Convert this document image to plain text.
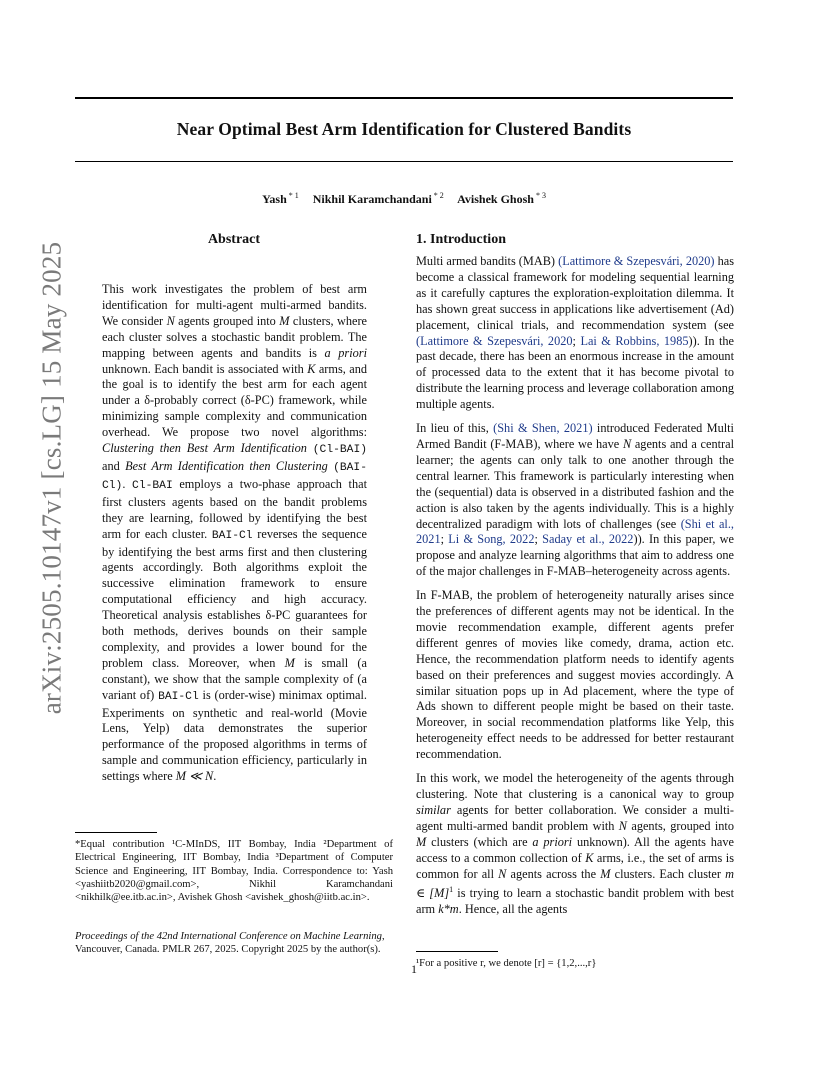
arXiv:2505.10147v1 [cs.LG] 15 May 2025
Near Optimal Best Arm Identification for Clustered Bandits
Yash $^{* 1}$ Nikhil Karamchandani $^{* 2}$ Avishek Ghosh $^{* 3}$
Abstract
This work investigates the problem of best arm identification for multi-agent multi-armed bandits. We consider N agents grouped into M clusters, where each cluster solves a stochastic bandit problem. The mapping between agents and bandits is a priori unknown. Each bandit is associated with K arms, and the goal is to identify the best arm for each agent under a δ-probably correct (δ-PC) framework, while minimizing sample complexity and communication overhead. We propose two novel algorithms: Clustering then Best Arm Identification (Cl-BAI) and Best Arm Identification then Clustering (BAI-Cl). Cl-BAI employs a two-phase approach that first clusters agents based on the bandit problems they are learning, followed by identifying the best arm for each cluster. BAI-Cl reverses the sequence by identifying the best arms first and then clustering agents accordingly. Both algorithms exploit the successive elimination framework to ensure computational efficiency and high accuracy. Theoretical analysis establishes δ-PC guarantees for both methods, derives bounds on their sample complexity, and provides a lower bound for the problem class. Moreover, when M is small (a constant), we show that the sample complexity of (a variant of) BAI-Cl is (order-wise) minimax optimal. Experiments on synthetic and real-world (Movie Lens, Yelp) data demonstrates the superior performance of the proposed algorithms in terms of sample and communication efficiency, particularly in settings where M ≪ N.
*Equal contribution ¹C-MInDS, IIT Bombay, India ²Department of Electrical Engineering, IIT Bombay, India ³Department of Computer Science and Engineering, IIT Bombay, India. Correspondence to: Yash <yashiitb2020@gmail.com>, Nikhil Karamchandani <nikhilk@ee.itb.ac.in>, Avishek Ghosh <avishek_ghosh@iitb.ac.in>.
Proceedings of the 42nd International Conference on Machine Learning, Vancouver, Canada. PMLR 267, 2025. Copyright 2025 by the author(s).
1. Introduction

Multi armed bandits (MAB) (Lattimore & Szepesvári, 2020) has become a classical framework for modeling sequential learning as it carefully captures the exploration-exploitation dilemma. It has shown great success in applications like advertisement (Ad) placement, clinical trials, and recommendation system (see (Lattimore & Szepesvári, 2020; Lai & Robbins, 1985)). In the past decade, there has been an enormous increase in the amount of processed data to the extent that it has become pivotal to distribute the learning process and leverage collaboration among multiple agents.

In lieu of this, (Shi & Shen, 2021) introduced Federated Multi Armed Bandit (F-MAB), where we have N agents and a central learner; the agents can only talk to one another through the central learner. This framework is particularly interesting when the (sequential) data is observed in a distributed fashion and the action is also taken by the agents individually. This is a highly decentralized paradigm with lots of challenges (see (Shi et al., 2021; Li & Song, 2022; Saday et al., 2022)). In this paper, we propose and analyze learning algorithms that aim to address one of the major challenges in F-MAB–heterogeneity across agents.

In F-MAB, the problem of heterogeneity naturally arises since the preferences of different agents may not be identical. In the movie recommendation example, different agents prefer different genres of movies like comedy, drama, action etc. Hence, the recommendation platform needs to identify agents based on their preferences and suggest movies accordingly. A similar situation pops up in Ad placement, where the type of Ads shown to different people might be based on their taste. Moreover, in social recommendation platforms like Yelp, this heterogeneity effect needs to be addressed for better restaurant recommendation.

In this work, we model the heterogeneity of the agents through clustering. Note that clustering is a canonical way to group similar agents for better collaboration. We consider a multi-agent multi-armed bandit problem with N agents, grouped into M clusters (which are a priori unknown). All the agents have access to a common collection of K arms, i.e., the set of arms is common for all N agents across the M clusters. Each cluster m ∈ $[M]^1$ is trying to learn a stochastic bandit problem with best arm k*m. Hence, all the agents

¹For a positive r, we denote [r] = {1,2,...,r}
1
